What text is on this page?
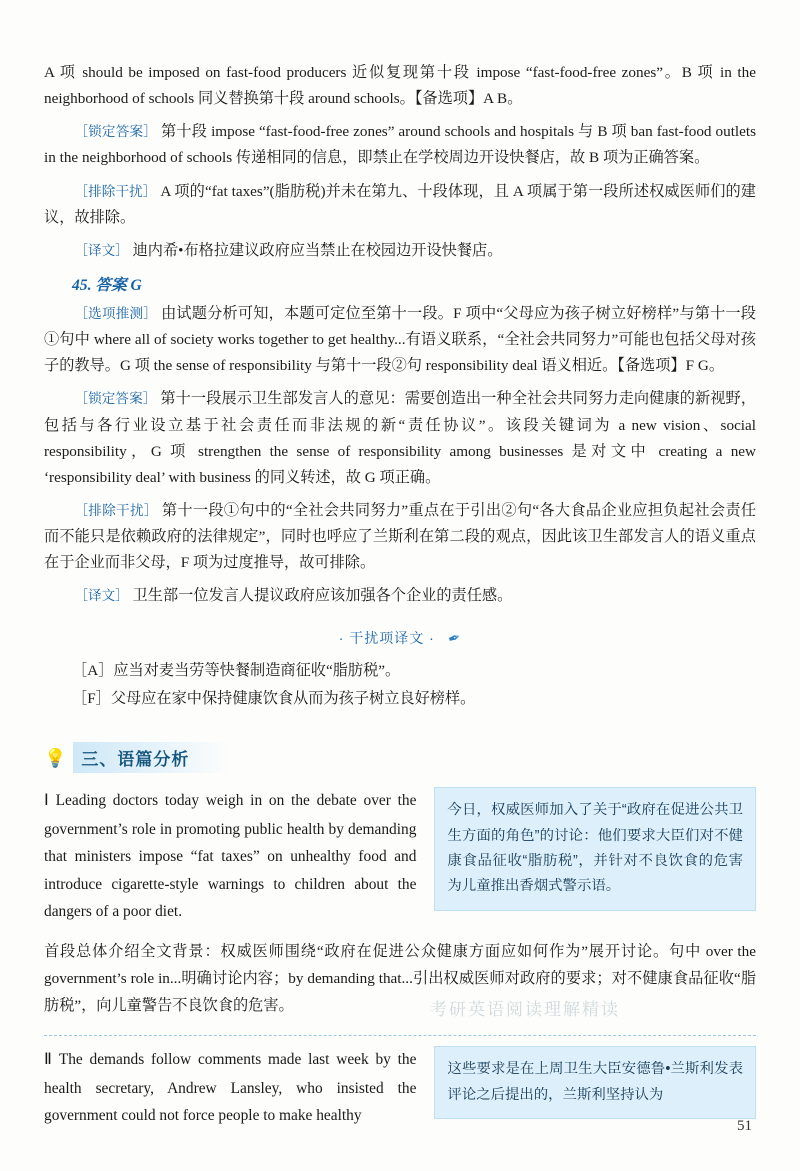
A 项 should be imposed on fast-food producers 近似复现第十段 impose “fast-food-free zones”。B 项 in the neighborhood of schools 同义替换第十段 around schools。【备选项】A B。

［锁定答案］ 第十段 impose “fast-food-free zones” around schools and hospitals 与 B 项 ban fast-food outlets in the neighborhood of schools 传递相同的信息，即禁止在学校周边开设快餐店，故 B 项为正确答案。

［排除干扰］ A 项的“fat taxes”(脂肪税)并未在第九、十段体现，且 A 项属于第一段所述权威医师们的建议，故排除。

［译文］ 迪内希•布格拉建议政府应当禁止在校园边开设快餐店。

45. 答案 G

［选项推测］ 由试题分析可知，本题可定位至第十一段。F 项中“父母应为孩子树立好榜样”与第十一段①句中 where all of society works together to get healthy...有语义联系，“全社会共同努力”可能也包括父母对孩子的教导。G 项 the sense of responsibility 与第十一段②句 responsibility deal 语义相近。【备选项】F G。

［锁定答案］ 第十一段展示卫生部发言人的意见：需要创造出一种全社会共同努力走向健康的新视野，包括与各行业设立基于社会责任而非法规的新“责任协议”。该段关键词为 a new vision、social responsibility，G 项 strengthen the sense of responsibility among businesses 是对文中 creating a new ‘responsibility deal’ with business 的同义转述，故 G 项正确。

［排除干扰］ 第十一段①句中的“全社会共同努力”重点在于引出②句“各大食品企业应担负起社会责任而不能只是依赖政府的法律规定”，同时也呼应了兰斯利在第二段的观点，因此该卫生部发言人的语义重点在于企业而非父母，F 项为过度推导，故可排除。

［译文］ 卫生部一位发言人提议政府应该加强各个企业的责任感。

· 干扰项译文 · ✒
［A］应当对麦当劳等快餐制造商征收“脂肪税”。
［F］父母应在家中保持健康饮食从而为孩子树立良好榜样。
💡 三、语篇分析
Ⅰ Leading doctors today weigh in on the debate over the government’s role in promoting public health by demanding that ministers impose “fat taxes” on unhealthy food and introduce cigarette-style warnings to children about the dangers of a poor diet.
今日，权威医师加入了关于“政府在促进公共卫生方面的角色”的讨论：他们要求大臣们对不健康食品征收“脂肪税”，并针对不良饮食的危害为儿童推出香烟式警示语。
首段总体介绍全文背景：权威医师围绕“政府在促进公众健康方面应如何作为”展开讨论。句中 over the government’s role in...明确讨论内容；by demanding that...引出权威医师对政府的要求；对不健康食品征收“脂肪税”，向儿童警告不良饮食的危害。
Ⅱ The demands follow comments made last week by the health secretary, Andrew Lansley, who insisted the government could not force people to make healthy
这些要求是在上周卫生大臣安德鲁•兰斯利发表评论之后提出的，兰斯利坚持认为
考研英语阅读理解精读
51
